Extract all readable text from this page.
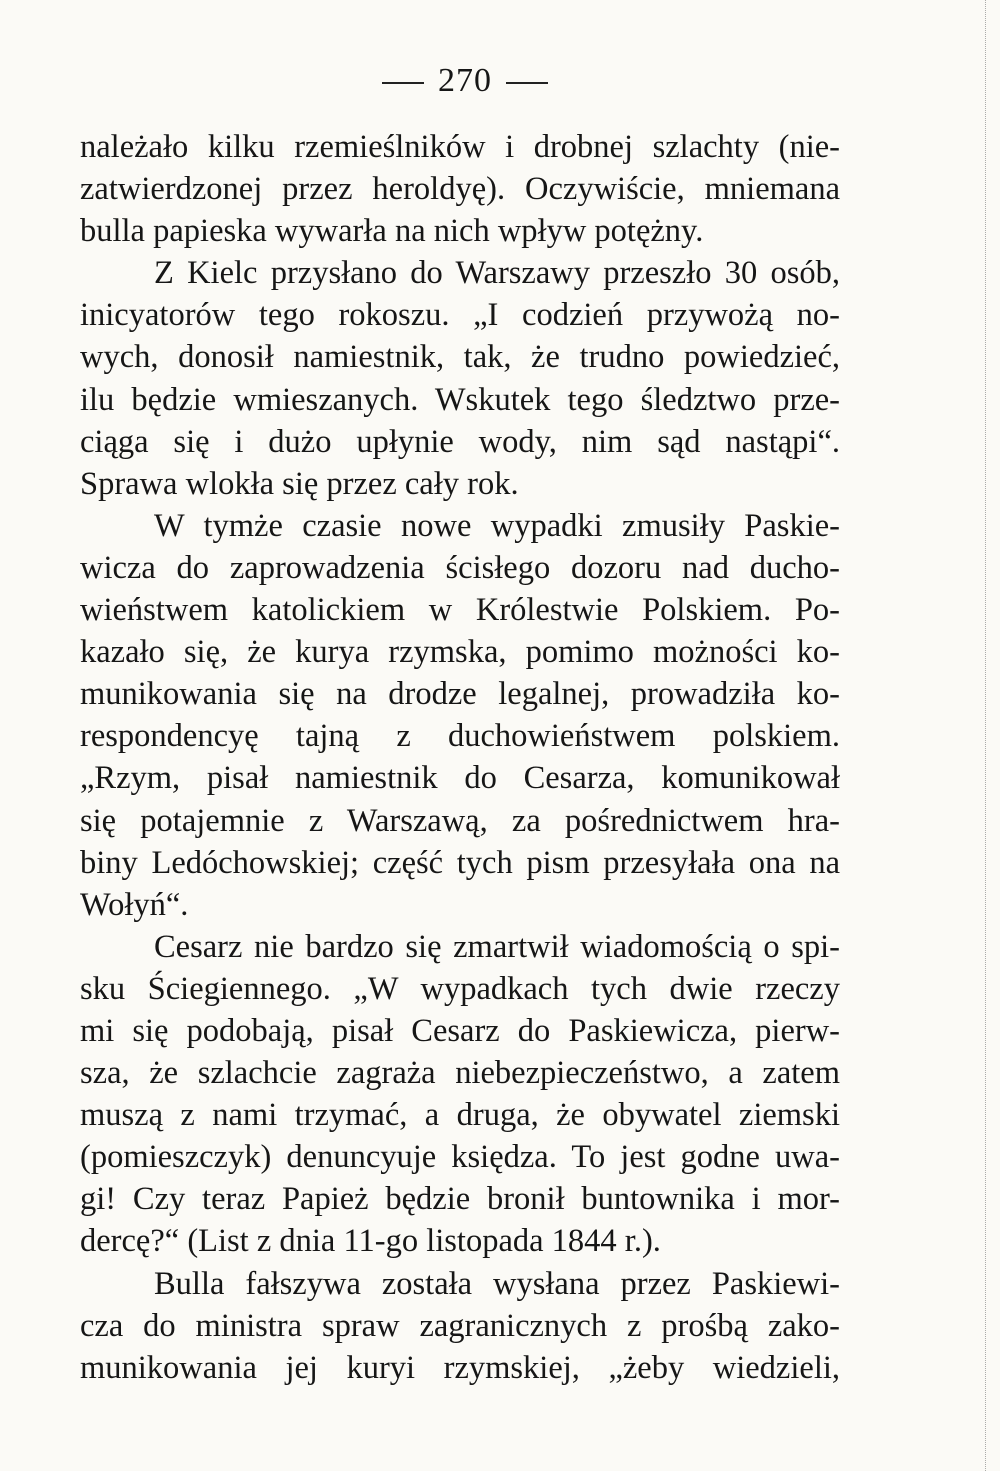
270
należało kilku rzemieślników i drobnej szlachty (nie-
zatwierdzonej przez heroldyę). Oczywiście, mniemana
bulla papieska wywarła na nich wpływ potężny.
Z Kielc przysłano do Warszawy przeszło 30 osób,
inicyatorów tego rokoszu. „I codzień przywożą no-
wych, donosił namiestnik, tak, że trudno powiedzieć,
ilu będzie wmieszanych. Wskutek tego śledztwo prze-
ciąga się i dużo upłynie wody, nim sąd nastąpi“.
Sprawa wlokła się przez cały rok.
W tymże czasie nowe wypadki zmusiły Paskie-
wicza do zaprowadzenia ścisłego dozoru nad ducho-
wieństwem katolickiem w Królestwie Polskiem. Po-
kazało się, że kurya rzymska, pomimo możności ko-
munikowania się na drodze legalnej, prowadziła ko-
respondencyę tajną z duchowieństwem polskiem.
„Rzym, pisał namiestnik do Cesarza, komunikował
się potajemnie z Warszawą, za pośrednictwem hra-
biny Ledóchowskiej; część tych pism przesyłała ona na
Wołyń“.
Cesarz nie bardzo się zmartwił wiadomością o spi-
sku Ściegiennego. „W wypadkach tych dwie rzeczy
mi się podobają, pisał Cesarz do Paskiewicza, pierw-
sza, że szlachcie zagraża niebezpieczeństwo, a zatem
muszą z nami trzymać, a druga, że obywatel ziemski
(pomieszczyk) denuncyuje księdza. To jest godne uwa-
gi! Czy teraz Papież będzie bronił buntownika i mor-
dercę?“ (List z dnia 11-go listopada 1844 r.).
Bulla fałszywa została wysłana przez Paskiewi-
cza do ministra spraw zagranicznych z prośbą zako-
munikowania jej kuryi rzymskiej, „żeby wiedzieli,
